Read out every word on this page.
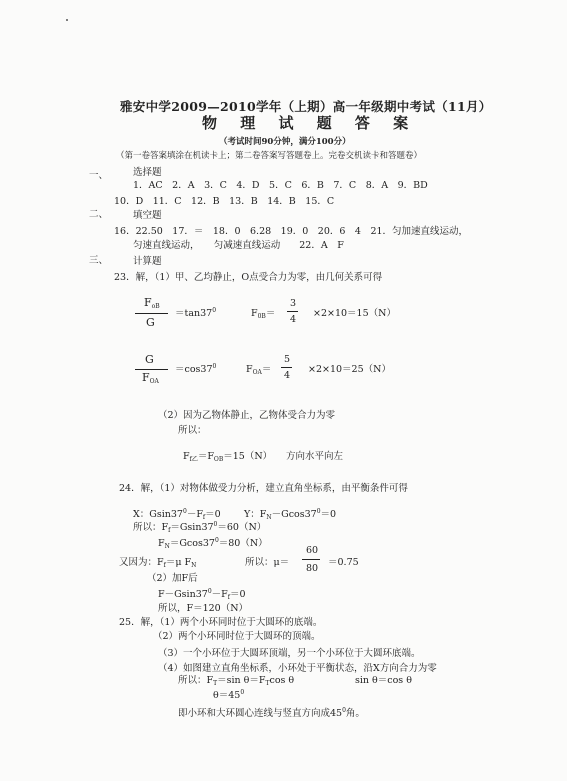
雅安中学2009—2010学年（上期）高一年级期中考试（11月）
物 理 试 题 答 案
（考试时间90分钟，满分100分）
（第一卷答案填涂在机读卡上；第二卷答案写答题卷上。完卷交机读卡和答题卷）
一、	选择题
1．AC　2．A　3．C　4．D　5．C　6．B　7．C　8．A　9．BD
10．D　11．C　12．B　13．B　14．B　15．C
二、	填空题
16．22.50　17．＝　18．0　6.28　19．0　20．6　4　21．匀加速直线运动，
匀速直线运动，　　匀减速直线运动　　22．A　F
三、	计算题
23．解，（1）甲、乙均静止，O点受合力为零，由几何关系可得
$F_{oB}$
G
$=\tan 37^0$	$F_{0B}=$
3
4
×2×10＝15（N）
G
$F_{OA}$
$=\cos 37^0$	$F_{OA}=$
5
4
×2×10＝25（N）
（2）因为乙物体静止，乙物体受合力为零
所以：
$F_{f乙}=F_{OB}=15(N)$ 方向水平向左
24．解，（1）对物体做受力分析，建立直角坐标系，由平衡条件可得
X：$Gsin37^0-F_f=0$ Y：$F_N-Gcos37^0=0$
所以：$F_f=Gsin37^0=60(N)$
$F_N=Gcos37^0=80(N)$
又因为：$F_f=\mu$ $F_N$	所以：μ＝
60
80
＝0.75
（2）加F后
$F-Gsin37^0-F_f=0$
所以，F＝120（N）
25．解，（1）两个小环同时位于大圆环的底端。
（2）两个小环同时位于大圆环的顶端。
（3）一个小环位于大圆环顶端，另一个小环位于大圆环底端。
（4）如图建立直角坐标系，小环处于平衡状态，沿X方向合力为零
所以：$F_T=\sin$ $\theta=F_T\cos$ θ	sin θ＝cos θ
$\theta=45^0$
即小环和大环圆心连线与竖直方向成$45^0$角。
